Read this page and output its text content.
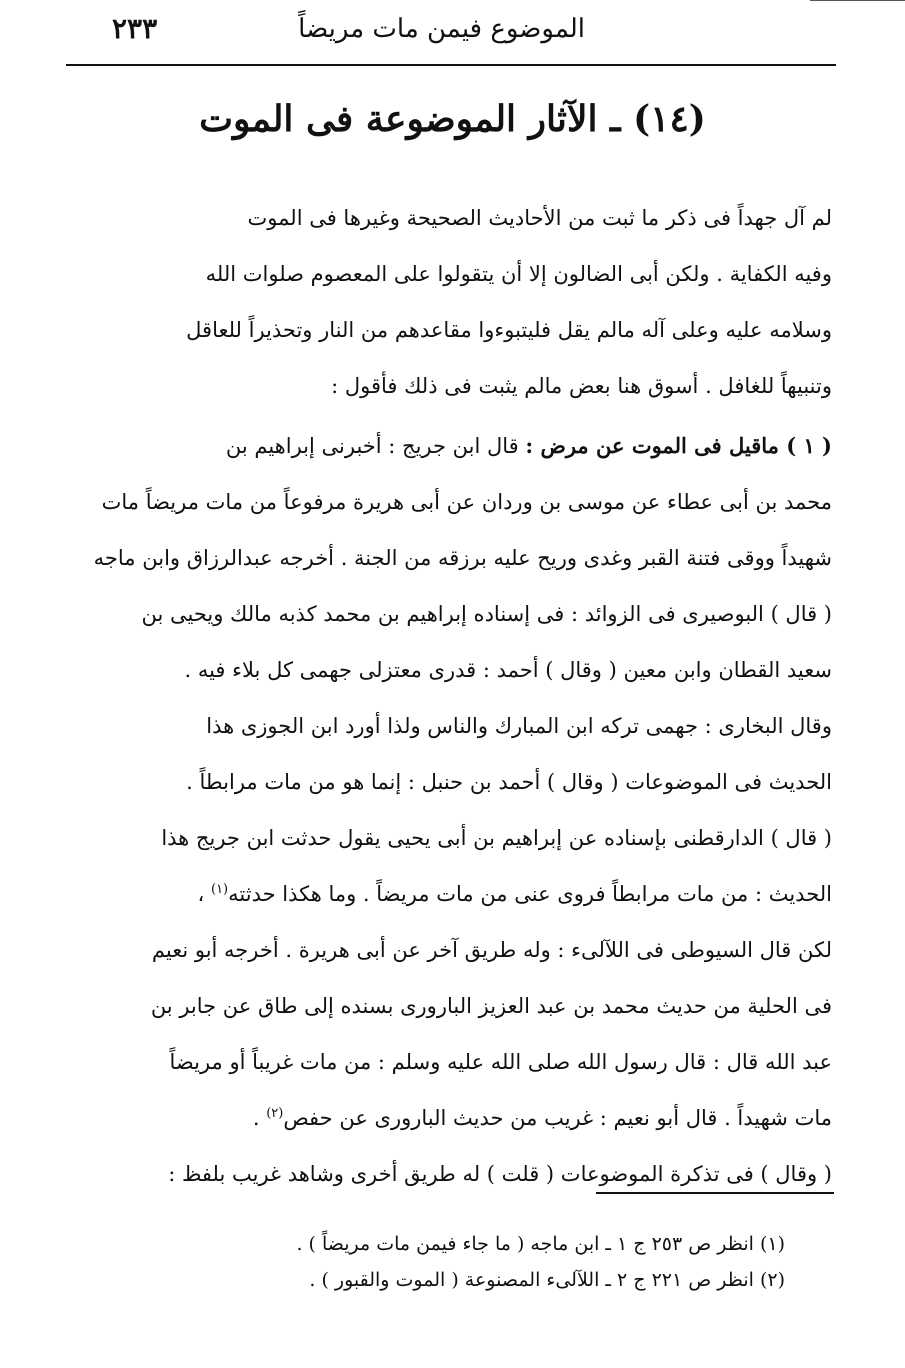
٢٣٣	الموضوع فيمن مات مريضاً
(١٤) ـ الآثار الموضوعة فى الموت
لم آل جهداً فى ذكر ما ثبت من الأحاديث الصحيحة وغيرها فى الموت
وفيه الكفاية . ولكن أبى الضالون إلا أن يتقولوا على المعصوم صلوات الله
وسلامه عليه وعلى آله مالم يقل فليتبوءوا مقاعدهم من النار وتحذيراً للعاقل
وتنبيهاً للغافل . أسوق هنا بعض مالم يثبت فى ذلك فأقول :
( ١ ) ماقيل فى الموت عن مرض : قال ابن جريج : أخبرنى إبراهيم بن
محمد بن أبى عطاء عن موسى بن وردان عن أبى هريرة مرفوعاً من مات مريضاً مات
شهيداً ووقى فتنة القبر وغدى وريح عليه برزقه من الجنة . أخرجه عبدالرزاق وابن ماجه
( قال ) البوصيرى فى الزوائد : فى إسناده إبراهيم بن محمد كذبه مالك ويحيى بن
سعيد القطان وابن معين ( وقال ) أحمد : قدرى معتزلى جهمى كل بلاء فيه .
وقال البخارى : جهمى تركه ابن المبارك والناس ولذا أورد ابن الجوزى هذا
الحديث فى الموضوعات ( وقال ) أحمد بن حنبل : إنما هو من مات مرابطاً .
( قال ) الدارقطنى بإسناده عن إبراهيم بن أبى يحيى يقول حدثت ابن جريج هذا
الحديث : من مات مرابطاً فروى عنى من مات مريضاً . وما هكذا حدثته$^{(١)}$ ،
لكن قال السيوطى فى اللآلىء : وله طريق آخر عن أبى هريرة . أخرجه أبو نعيم
فى الحلية من حديث محمد بن عبد العزيز البارورى بسنده إلى طاق عن جابر بن
عبد الله قال : قال رسول الله صلى الله عليه وسلم : من مات غريباً أو مريضاً
مات شهيداً . قال أبو نعيم : غريب من حديث البارورى عن حفص$^{(٢)}$ .
( وقال ) فى تذكرة الموضوعات ( قلت ) له طريق أخرى وشاهد غريب بلفظ :
(١) انظر ص ٢٥٣ ج ١ ـ ابن ماجه ( ما جاء فيمن مات مريضاً ) .
(٢) انظر ص ٢٢١ ج ٢ ـ اللآلىء المصنوعة ( الموت والقبور ) .
